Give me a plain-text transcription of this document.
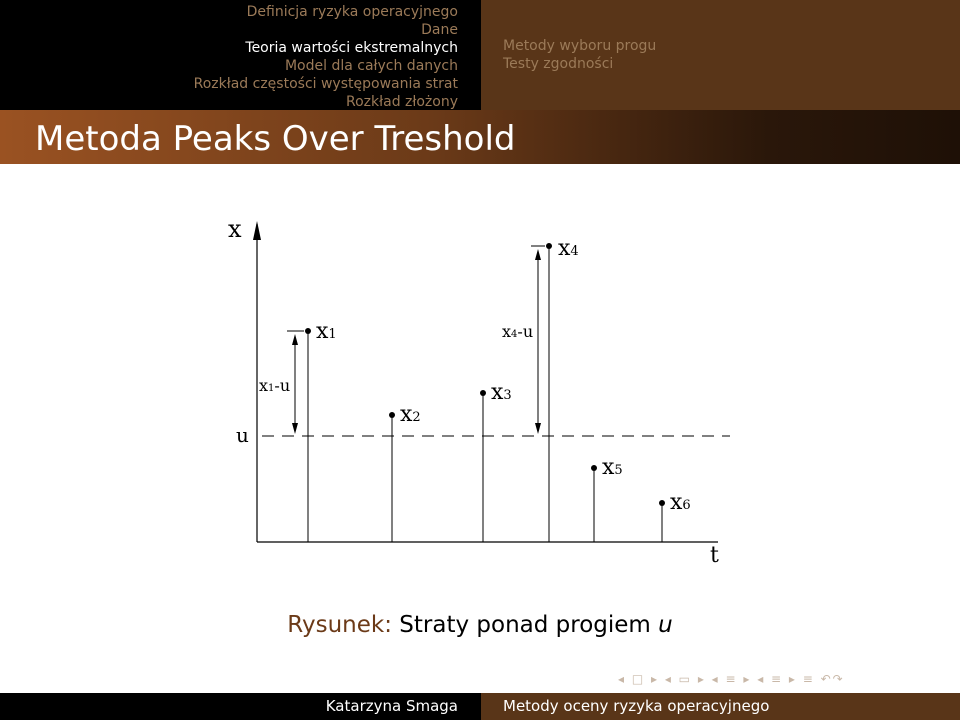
Definicja ryzyka operacyjnego
Dane
Teoria wartości ekstremalnych
Model dla całych danych
Rozkład częstości występowania strat
Rozkład złożony
Metody wyboru progu
Testy zgodności
Metoda Peaks Over Treshold
x
t
u
x1
x1-u
x2
x3
x4
x4-u
x5
x6
Rysunek: Straty ponad progiem u
◂ □ ▸ ◂ ▭ ▸ ◂ ≡ ▸ ◂ ≡ ▸ ≡ ↶↷
Katarzyna Smaga	Metody oceny ryzyka operacyjnego
